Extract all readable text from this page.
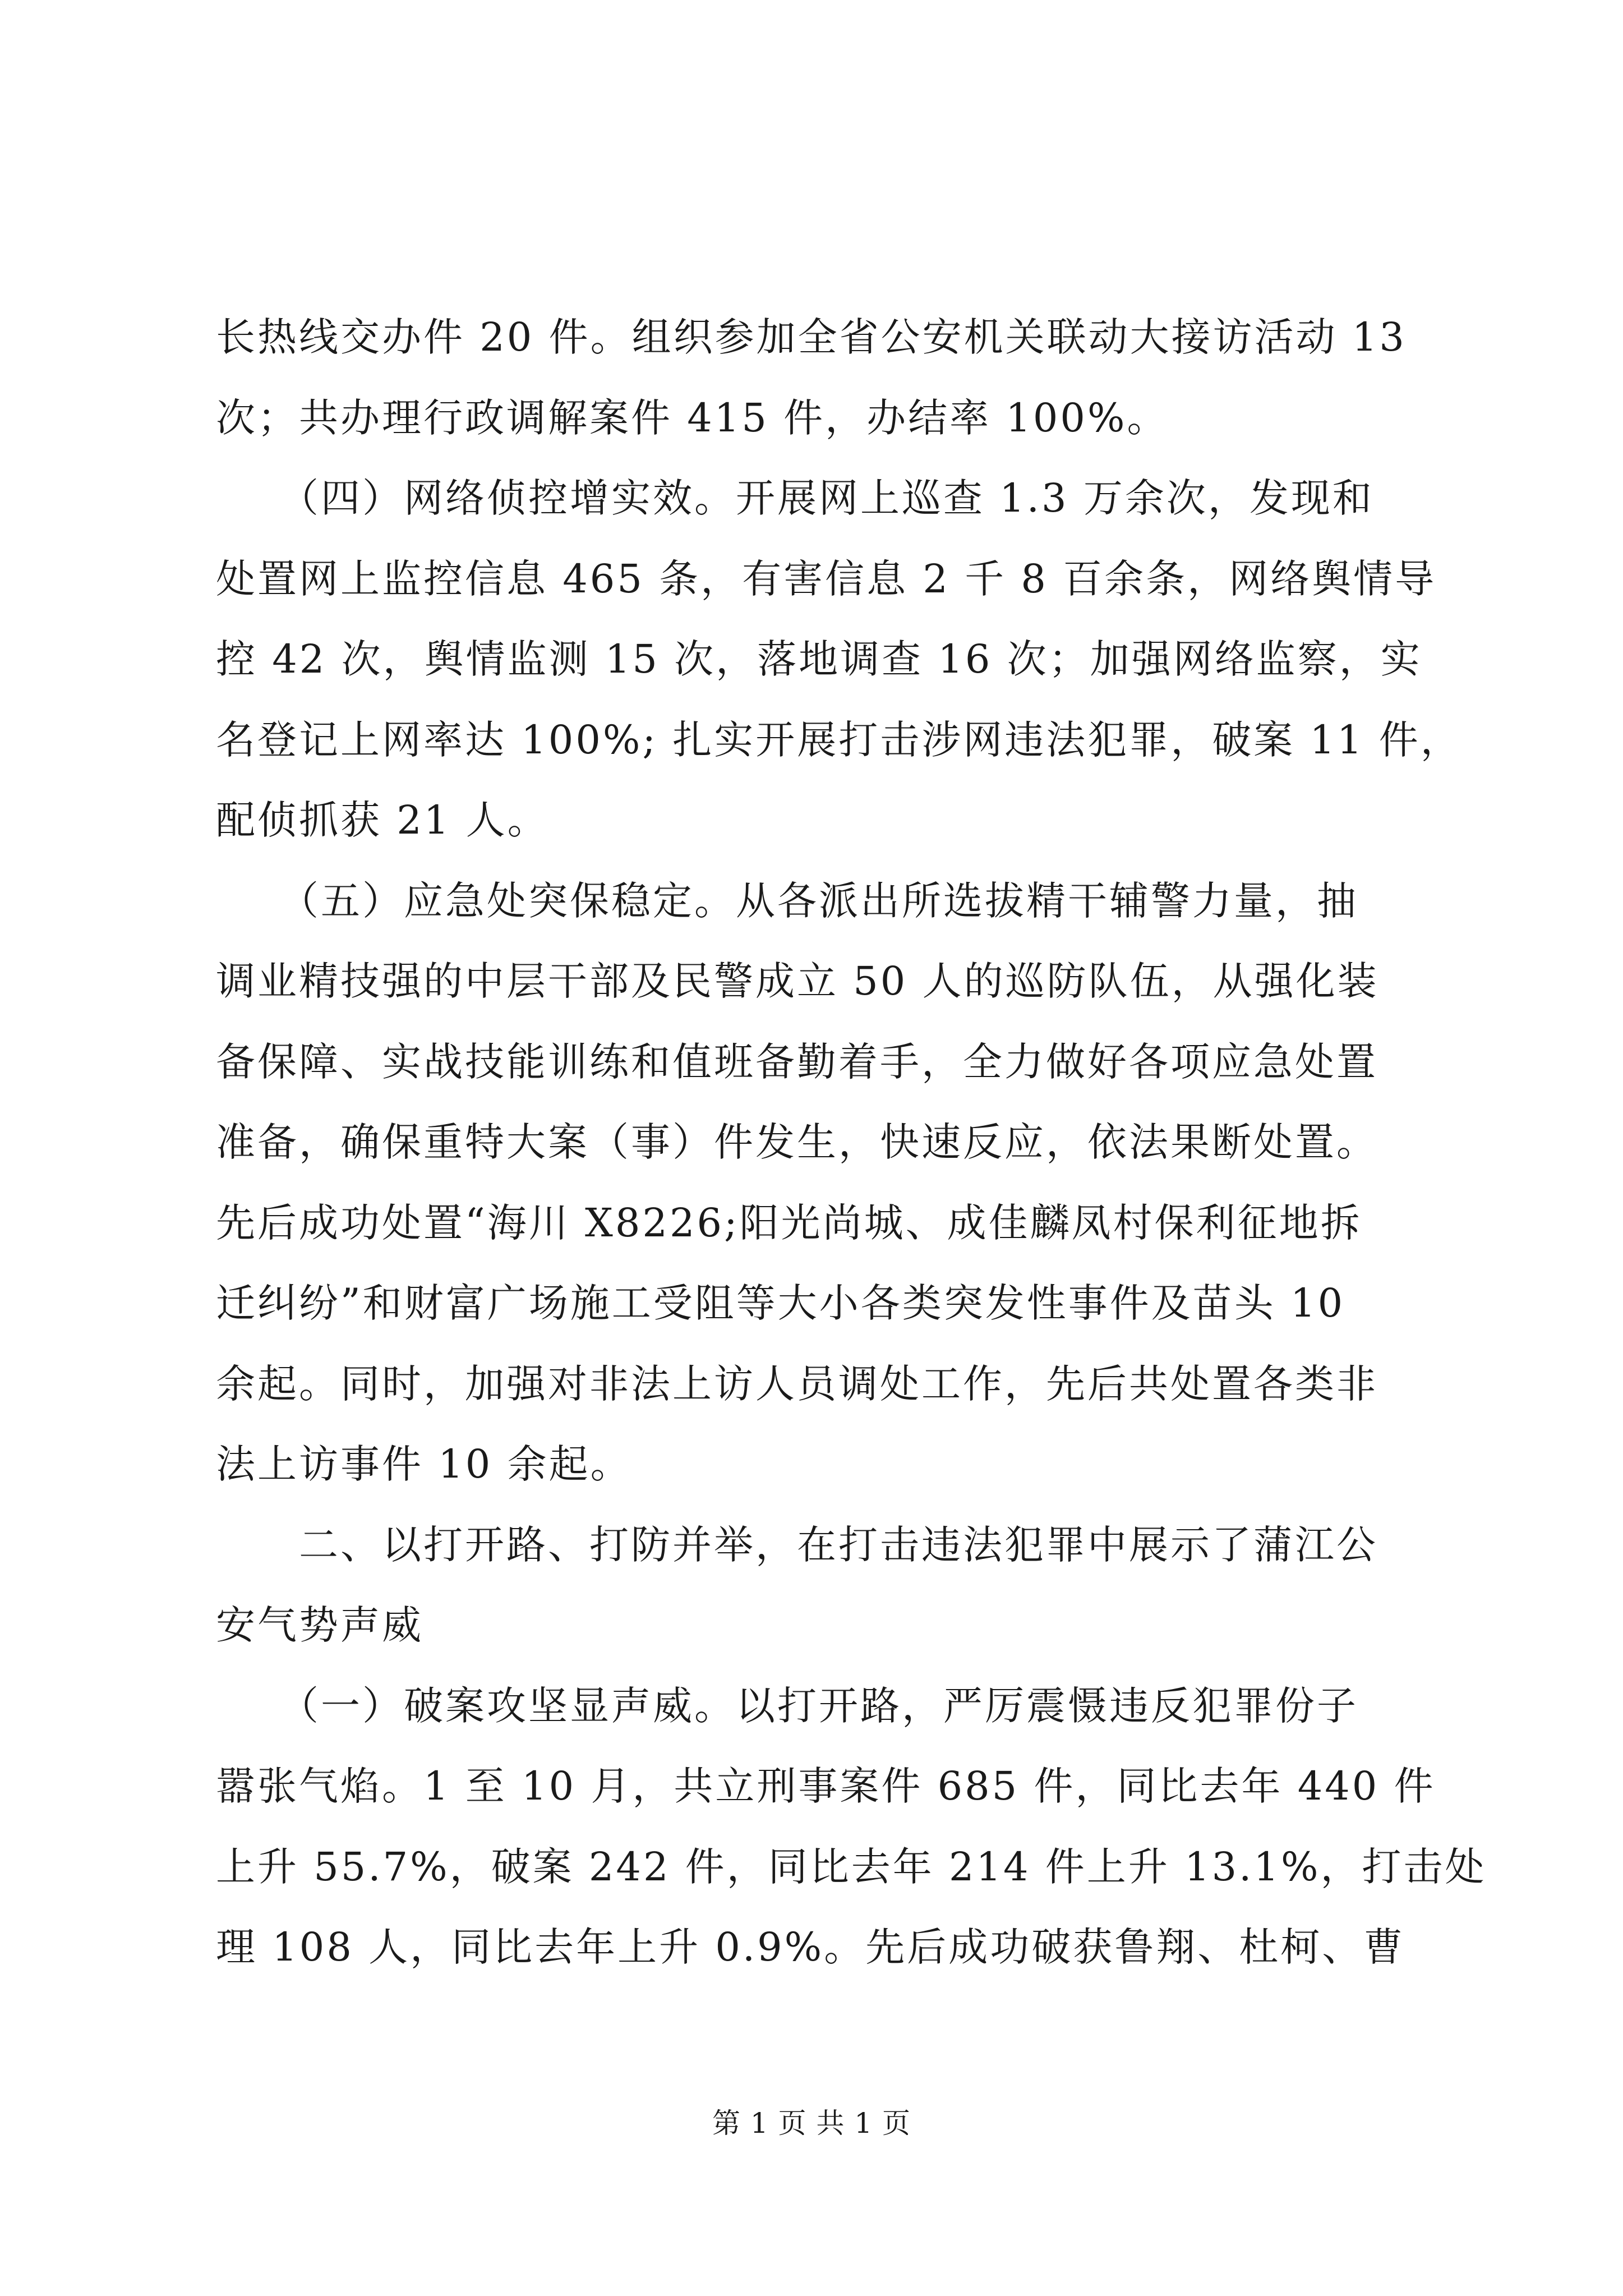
长热线交办件 20 件。组织参加全省公安机关联动大接访活动 13
次；共办理行政调解案件 415 件，办结率 100%。
　　（四）网络侦控增实效。开展网上巡查 1.3 万余次，发现和
处置网上监控信息 465 条，有害信息 2 千 8 百余条，网络舆情导
控 42 次，舆情监测 15 次，落地调查 16 次；加强网络监察，实
名登记上网率达 100%; 扎实开展打击涉网违法犯罪，破案 11 件，
配侦抓获 21 人。
　　（五）应急处突保稳定。从各派出所选拔精干辅警力量，抽
调业精技强的中层干部及民警成立 50 人的巡防队伍，从强化装
备保障、实战技能训练和值班备勤着手，全力做好各项应急处置
准备，确保重特大案（事）件发生，快速反应，依法果断处置。
先后成功处置“海川 X8226;阳光尚城、成佳麟凤村保利征地拆
迁纠纷”和财富广场施工受阻等大小各类突发性事件及苗头 10
余起。同时，加强对非法上访人员调处工作，先后共处置各类非
法上访事件 10 余起。
　　二、以打开路、打防并举，在打击违法犯罪中展示了蒲江公
安气势声威
　　（一）破案攻坚显声威。以打开路，严厉震慑违反犯罪份子
嚣张气焰。1 至 10 月，共立刑事案件 685 件，同比去年 440 件
上升 55.7%，破案 242 件，同比去年 214 件上升 13.1%，打击处
理 108 人，同比去年上升 0.9%。先后成功破获鲁翔、杜柯、曹
第 1 页 共 1 页
